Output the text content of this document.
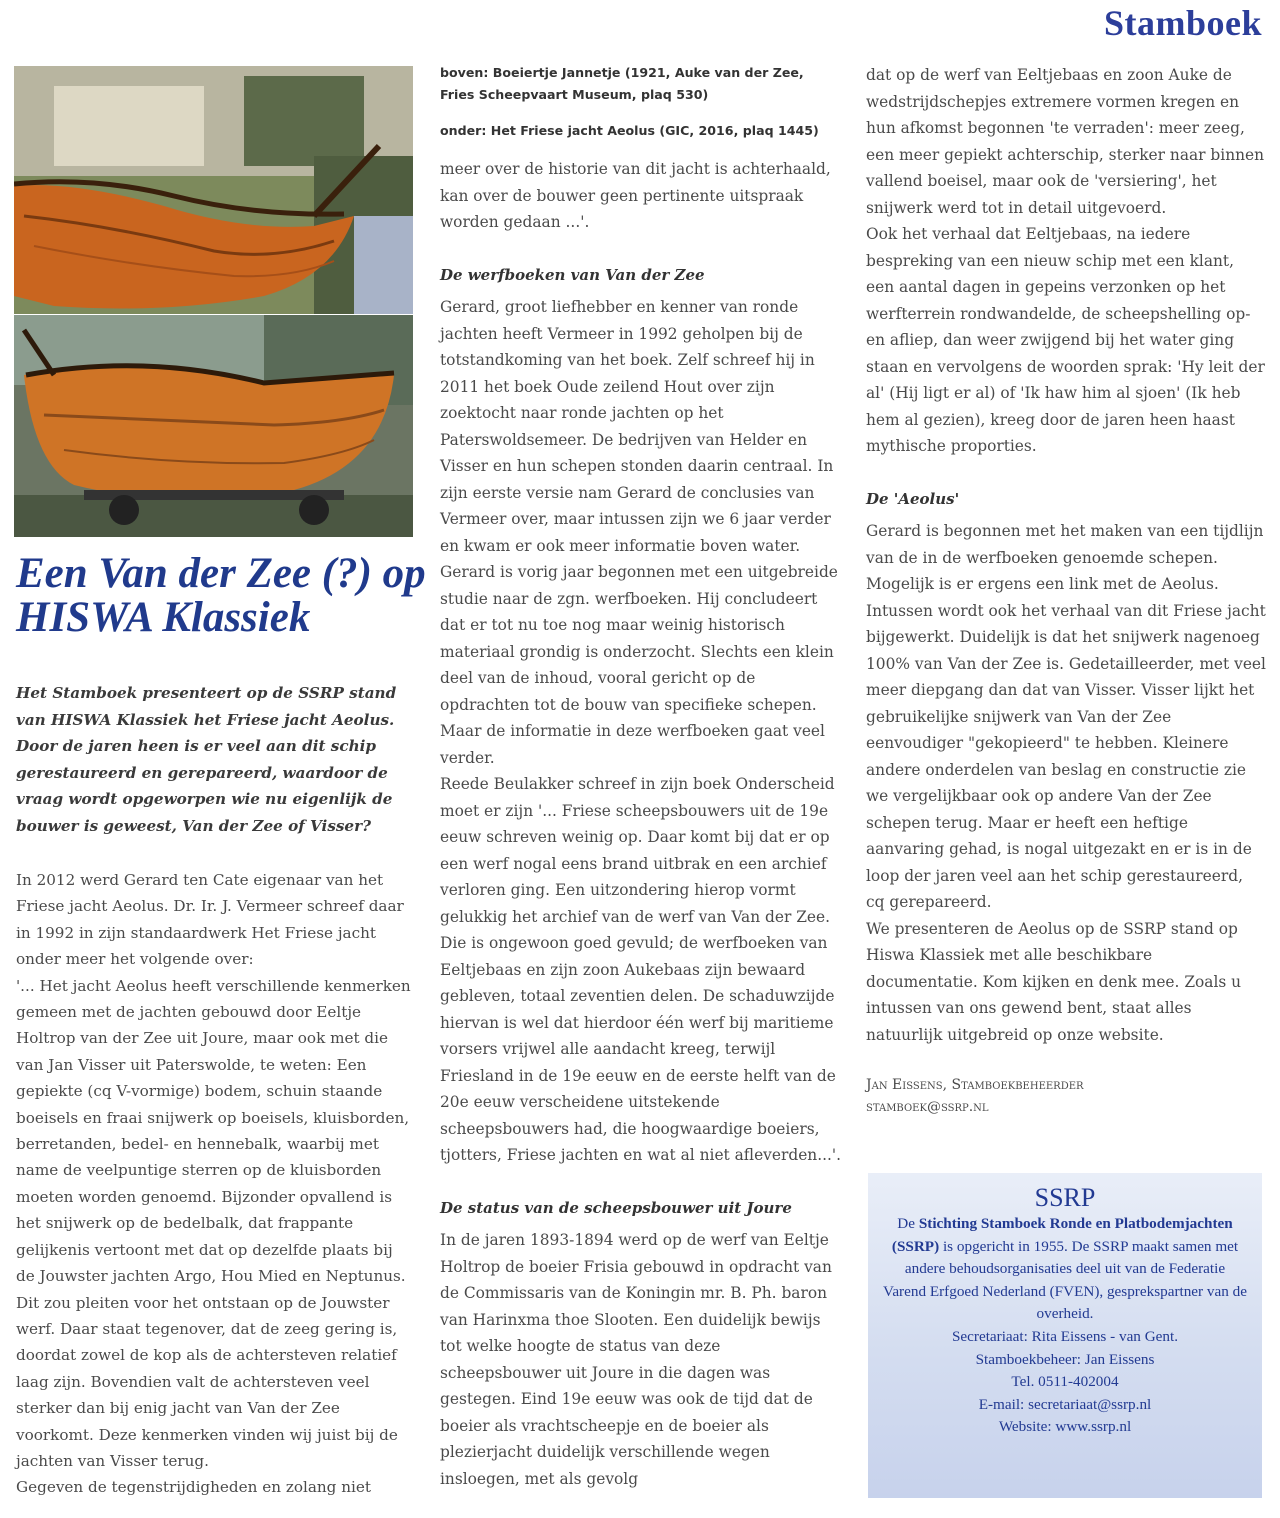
Stamboek
Een Van der Zee (?) op HISWA Klassiek
Het Stamboek presenteert op de SSRP stand van HISWA Klassiek het Friese jacht Aeolus. Door de jaren heen is er veel aan dit schip gerestaureerd en gerepareerd, waardoor de vraag wordt opgeworpen wie nu eigenlijk de bouwer is geweest, Van der Zee of Visser?

In 2012 werd Gerard ten Cate eigenaar van het Friese jacht Aeolus. Dr. Ir. J. Vermeer schreef daar in 1992 in zijn standaardwerk Het Friese jacht onder meer het volgende over:

'... Het jacht Aeolus heeft verschillende kenmerken gemeen met de jachten gebouwd door Eeltje Holtrop van der Zee uit Joure, maar ook met die van Jan Visser uit Paterswolde, te weten: Een gepiekte (cq V-vormige) bodem, schuin staande boeisels en fraai snijwerk op boeisels, kluisborden, berretanden, bedel- en hennebalk, waarbij met name de veelpuntige sterren op de kluisborden moeten worden genoemd. Bijzonder opvallend is het snijwerk op de bedelbalk, dat frappante gelijkenis vertoont met dat op dezelfde plaats bij de Jouwster jachten Argo, Hou Mied en Neptunus. Dit zou pleiten voor het ontstaan op de Jouwster werf. Daar staat tegenover, dat de zeeg gering is, doordat zowel de kop als de achtersteven relatief laag zijn. Bovendien valt de achtersteven veel sterker dan bij enig jacht van Van der Zee voorkomt. Deze kenmerken vinden wij juist bij de jachten van Visser terug.

Gegeven de tegenstrijdigheden en zolang niet

boven: Boeiertje Jannetje (1921, Auke van der Zee, Fries Scheepvaart Museum, plaq 530)

onder: Het Friese jacht Aeolus (GIC, 2016, plaq 1445)

meer over de historie van dit jacht is achterhaald, kan over de bouwer geen pertinente uitspraak worden gedaan ...'.

De werfboeken van Van der Zee

Gerard, groot liefhebber en kenner van ronde jachten heeft Vermeer in 1992 geholpen bij de totstandkoming van het boek. Zelf schreef hij in 2011 het boek Oude zeilend Hout over zijn zoektocht naar ronde jachten op het Paterswoldsemeer. De bedrijven van Helder en Visser en hun schepen stonden daarin centraal. In zijn eerste versie nam Gerard de conclusies van Vermeer over, maar intussen zijn we 6 jaar verder en kwam er ook meer informatie boven water. Gerard is vorig jaar begonnen met een uitgebreide studie naar de zgn. werfboeken. Hij concludeert dat er tot nu toe nog maar weinig historisch materiaal grondig is onderzocht. Slechts een klein deel van de inhoud, vooral gericht op de opdrachten tot de bouw van specifieke schepen. Maar de informatie in deze werfboeken gaat veel verder.

Reede Beulakker schreef in zijn boek Onderscheid moet er zijn '... Friese scheepsbouwers uit de 19e eeuw schreven weinig op. Daar komt bij dat er op een werf nogal eens brand uitbrak en een archief verloren ging. Een uitzondering hierop vormt gelukkig het archief van de werf van Van der Zee. Die is ongewoon goed gevuld; de werfboeken van Eeltjebaas en zijn zoon Aukebaas zijn bewaard gebleven, totaal zeventien delen. De schaduwzijde hiervan is wel dat hierdoor één werf bij maritieme vorsers vrijwel alle aandacht kreeg, terwijl Friesland in de 19e eeuw en de eerste helft van de 20e eeuw verscheidene uitstekende scheepsbouwers had, die hoogwaardige boeiers, tjotters, Friese jachten en wat al niet afleverden...'.

De status van de scheepsbouwer uit Joure

In de jaren 1893-1894 werd op de werf van Eeltje Holtrop de boeier Frisia gebouwd in opdracht van de Commissaris van de Koningin mr. B. Ph. baron van Harinxma thoe Slooten. Een duidelijk bewijs tot welke hoogte de status van deze scheepsbouwer uit Joure in die dagen was gestegen. Eind 19e eeuw was ook de tijd dat de boeier als vrachtscheepje en de boeier als plezierjacht duidelijk verschillende wegen insloegen, met als gevolg

dat op de werf van Eeltjebaas en zoon Auke de wedstrijdschepjes extremere vormen kregen en hun afkomst begonnen 'te verraden': meer zeeg, een meer gepiekt achterschip, sterker naar binnen vallend boeisel, maar ook de 'versiering', het snijwerk werd tot in detail uitgevoerd.

Ook het verhaal dat Eeltjebaas, na iedere bespreking van een nieuw schip met een klant, een aantal dagen in gepeins verzonken op het werfterrein rondwandelde, de scheepshelling op- en afliep, dan weer zwijgend bij het water ging staan en vervolgens de woorden sprak: 'Hy leit der al' (Hij ligt er al) of 'Ik haw him al sjoen' (Ik heb hem al gezien), kreeg door de jaren heen haast mythische proporties.

De 'Aeolus'

Gerard is begonnen met het maken van een tijdlijn van de in de werfboeken genoemde schepen. Mogelijk is er ergens een link met de Aeolus. Intussen wordt ook het verhaal van dit Friese jacht bijgewerkt. Duidelijk is dat het snijwerk nagenoeg 100% van Van der Zee is. Gedetailleerder, met veel meer diepgang dan dat van Visser. Visser lijkt het gebruikelijke snijwerk van Van der Zee eenvoudiger "gekopieerd" te hebben. Kleinere andere onderdelen van beslag en constructie zie we vergelijkbaar ook op andere Van der Zee schepen terug. Maar er heeft een heftige aanvaring gehad, is nogal uitgezakt en er is in de loop der jaren veel aan het schip gerestaureerd, cq gerepareerd.

We presenteren de Aeolus op de SSRP stand op Hiswa Klassiek met alle beschikbare documentatie. Kom kijken en denk mee. Zoals u intussen van ons gewend bent, staat alles natuurlijk uitgebreid op onze website.

Jan Eissens, Stamboekbeheerder

stamboek@ssrp.nl

SSRP

De Stichting Stamboek Ronde en Platbodemjachten (SSRP) is opgericht in 1955. De SSRP maakt samen met andere behoudsorganisaties deel uit van de Federatie Varend Erfgoed Nederland (FVEN), gesprekspartner van de overheid.

Secretariaat: Rita Eissens - van Gent.

Stamboekbeheer: Jan Eissens

Tel. 0511-402004

E-mail: secretariaat@ssrp.nl

Website: www.ssrp.nl
